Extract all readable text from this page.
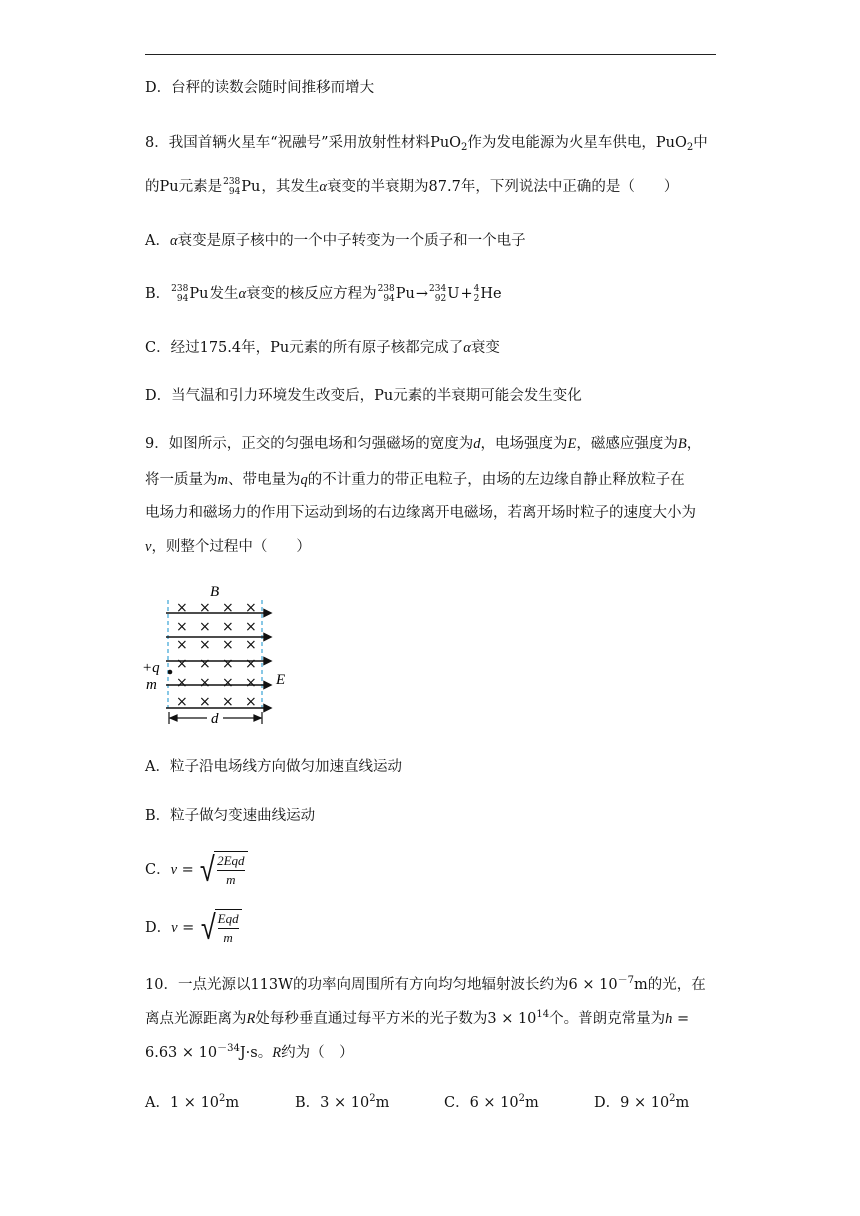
D．台秤的读数会随时间推移而增大
8．我国首辆火星车“祝融号”采用放射性材料PuO$_2$作为发电能源为火星车供电，PuO$_2$中
的Pu元素是 238
94 Pu ，其发生α衰变的半衰期为87.7年，下列说法中正确的是（　　）
A．α衰变是原子核中的一个中子转变为一个质子和一个电子
B． 238
94 Pu 发生α衰变的核反应方程为 238
94 Pu → 234
92 U + 4
2 He
C．经过175.4年，Pu元素的所有原子核都完成了α衰变
D．当气温和引力环境发生改变后，Pu元素的半衰期可能会发生变化
9．如图所示，正交的匀强电场和匀强磁场的宽度为d，电场强度为E，磁感应强度为B，
将一质量为m、带电量为q的不计重力的带正电粒子，由场的左边缘自静止释放粒子在
电场力和磁场力的作用下运动到场的右边缘离开电磁场，若离开场时粒子的速度大小为
v，则整个过程中（　　）
B
× × × ×
× × × ×
× × × ×
× × × ×
× × × ×
× × × ×
+q
m	E
d
A．粒子沿电场线方向做匀加速直线运动
B．粒子做匀变速曲线运动
C．v = √
$\frac{\text{2Eqd}}{m}$
D．v = √
$\frac{\text{Eqd}}{m}$
10．一点光源以113W的功率向周围所有方向均匀地辐射波长约为$6 \times 10^{-7}m$的光，在
离点光源距离为R处每秒垂直通过每平方米的光子数为$3 \times 10^{14}$个。普朗克常量为h =
$6.63 \times 10^{-34}J\cdot s$。R约为（　）
A．$1 \times 10^2m$	B．$3 \times 10^2m$	C．$6 \times 10^2m$	D．$9 \times 10^2m$
